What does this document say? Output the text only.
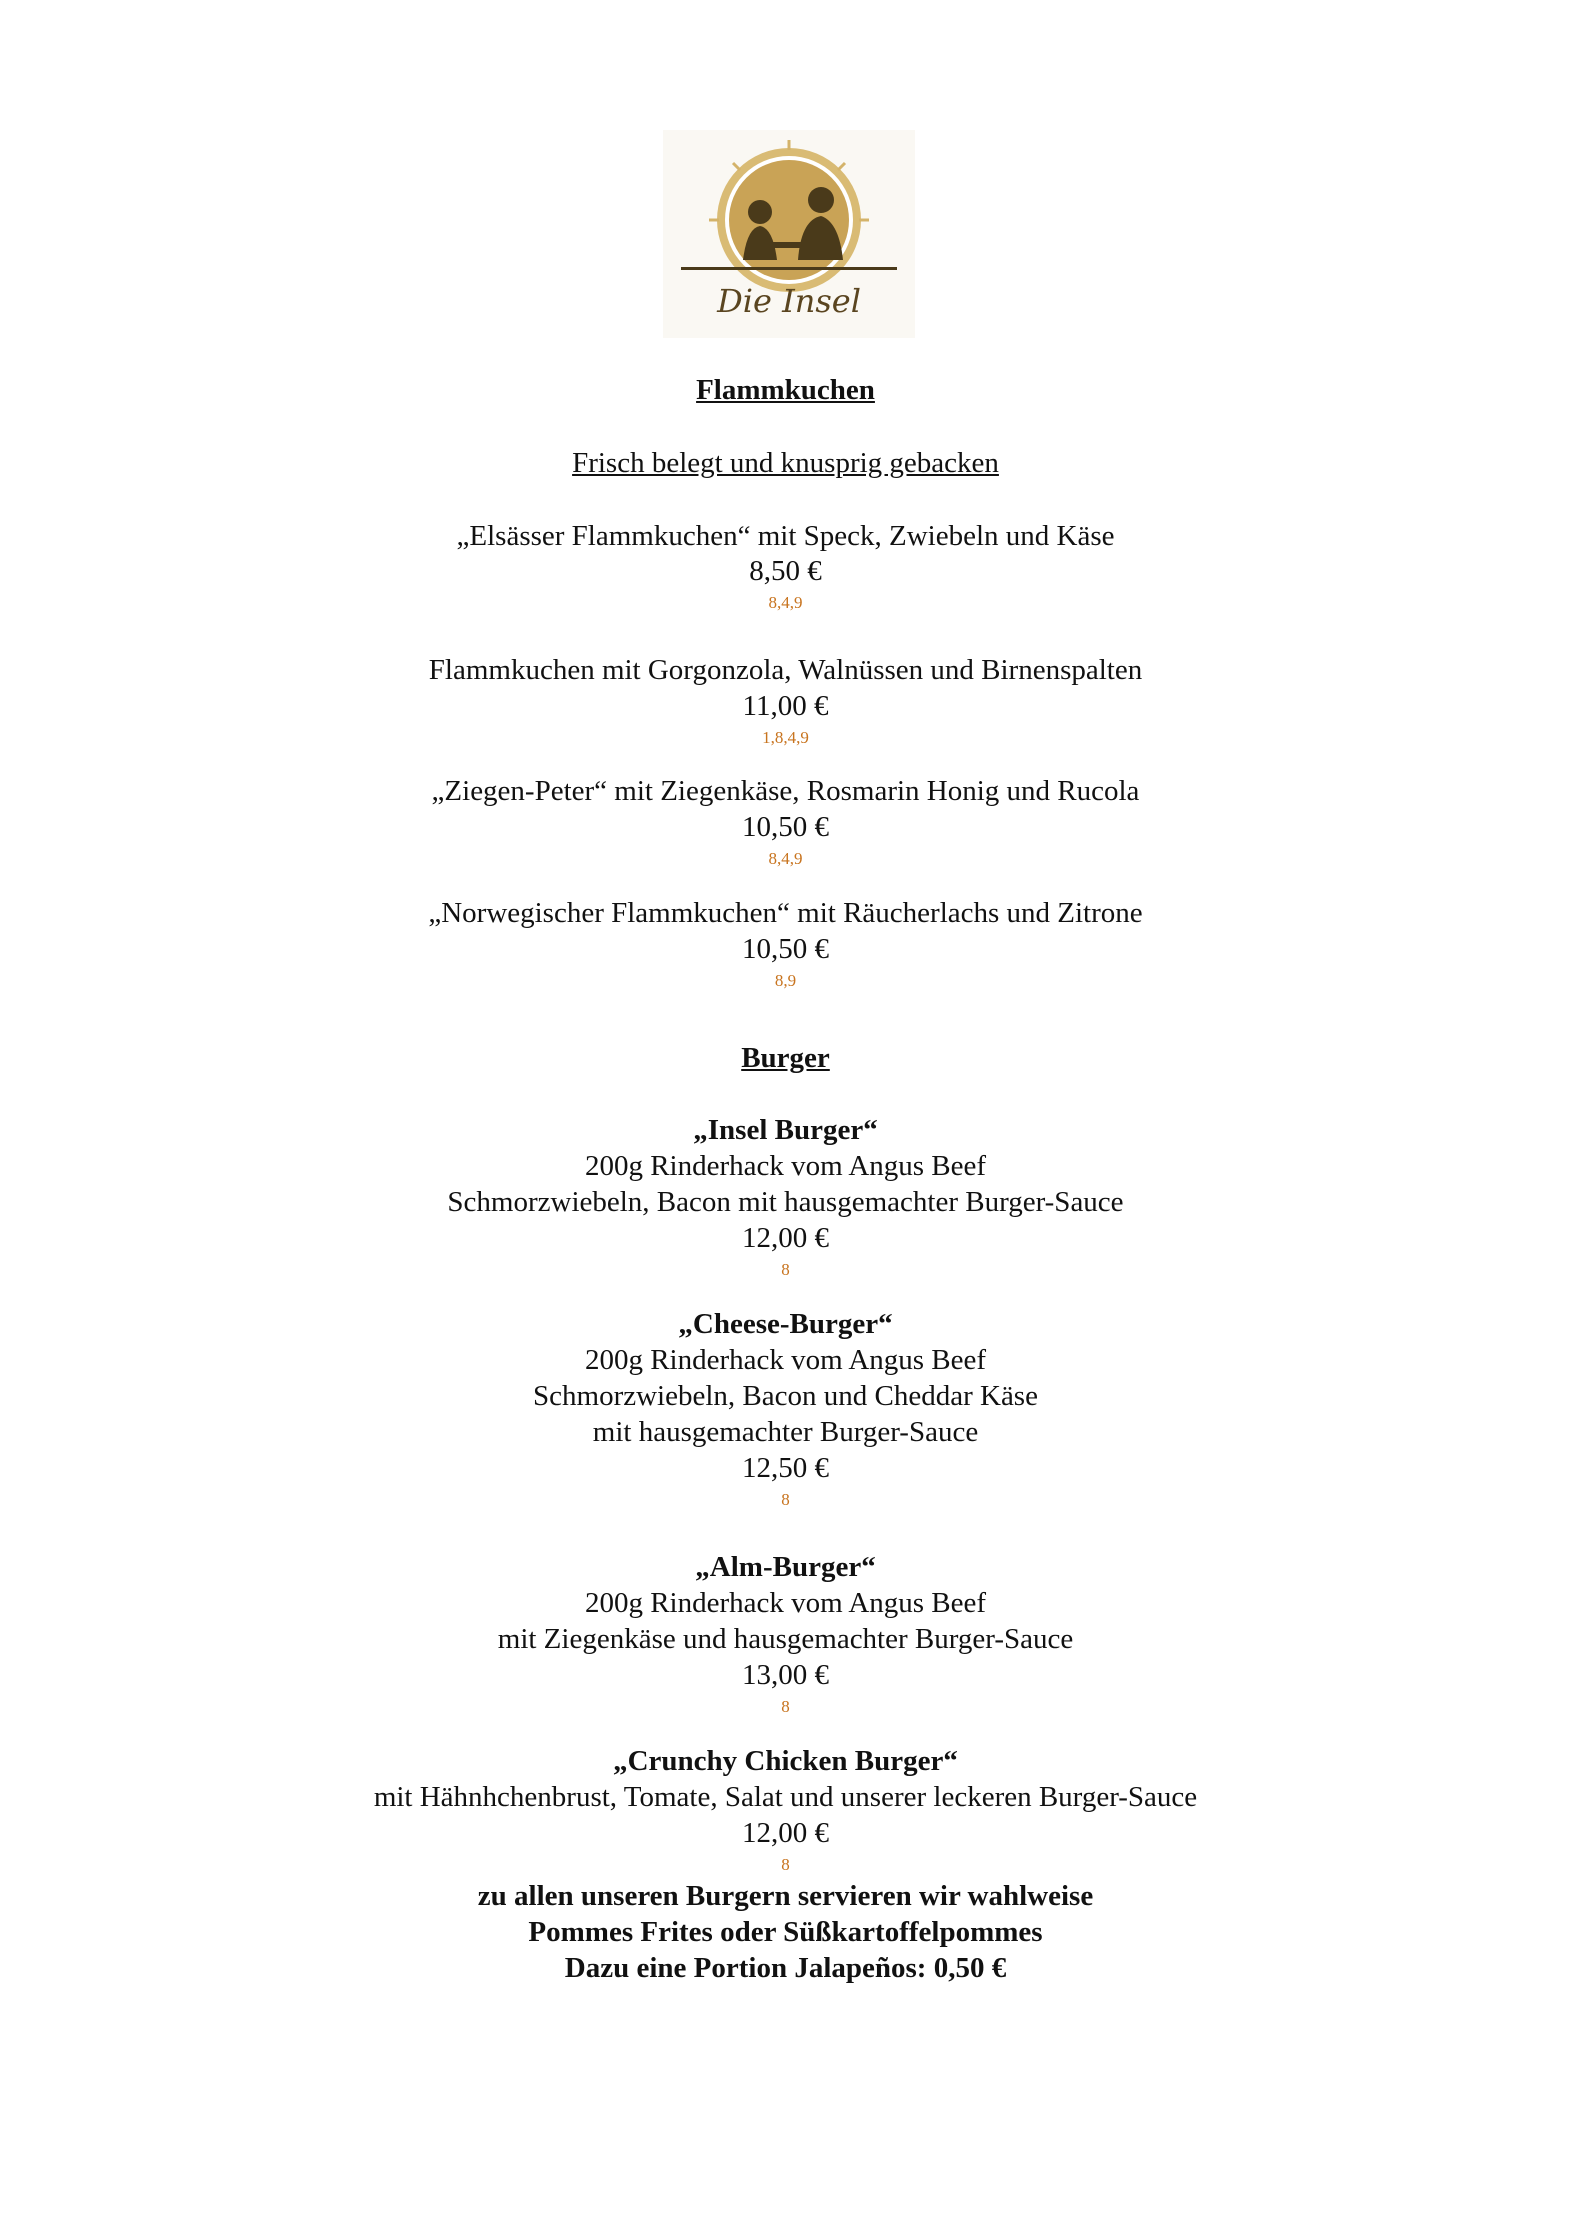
Die Insel
Flammkuchen
Frisch belegt und knusprig gebacken
„Elsässer Flammkuchen“ mit Speck, Zwiebeln und Käse
8,50 €
8,4,9
Flammkuchen mit Gorgonzola, Walnüssen und Birnenspalten
11,00 €
1,8,4,9
„Ziegen-Peter“ mit Ziegenkäse, Rosmarin Honig und Rucola
10,50 €
8,4,9
„Norwegischer Flammkuchen“ mit Räucherlachs und Zitrone
10,50 €
8,9
Burger
„Insel Burger“
200g Rinderhack vom Angus Beef
Schmorzwiebeln, Bacon mit hausgemachter Burger-Sauce
12,00 €
8
„Cheese-Burger“
200g Rinderhack vom Angus Beef
Schmorzwiebeln, Bacon und Cheddar Käse
mit hausgemachter Burger-Sauce
12,50 €
8
„Alm-Burger“
200g Rinderhack vom Angus Beef
mit Ziegenkäse und hausgemachter Burger-Sauce
13,00 €
8
„Crunchy Chicken Burger“
mit Hähnhchenbrust, Tomate, Salat und unserer leckeren Burger-Sauce
12,00 €
8
zu allen unseren Burgern servieren wir wahlweise
Pommes Frites oder Süßkartoffelpommes
Dazu eine Portion Jalapeños: 0,50 €
